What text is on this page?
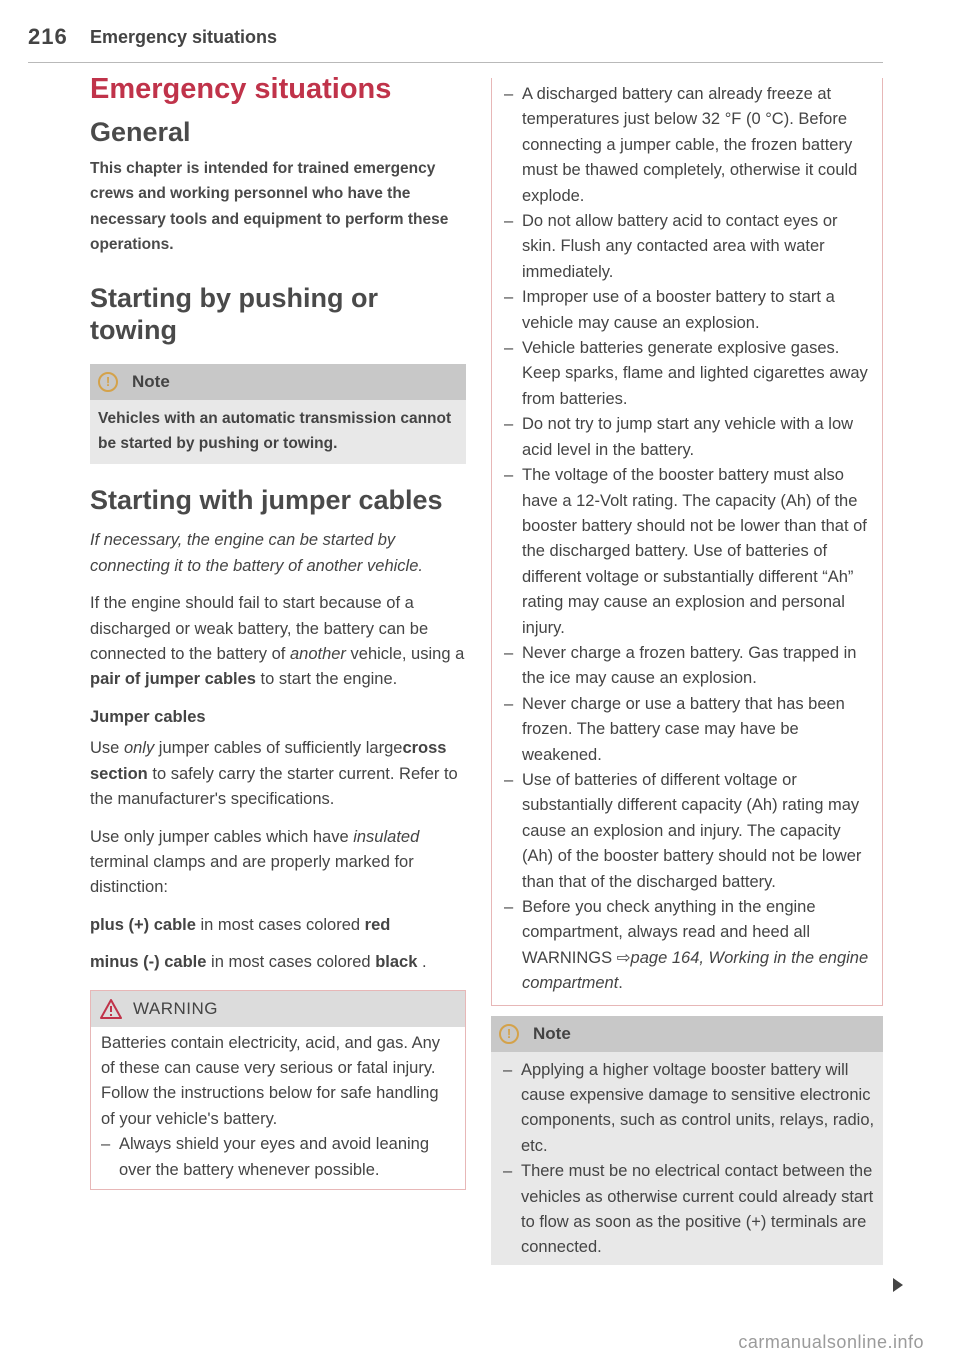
216 Emergency situations
Emergency situations
General

This chapter is intended for trained emergency crews and working personnel who have the necessary tools and equipment to perform these operations.

Starting by pushing or towing
!	Note
Vehicles with an automatic transmission cannot be started by pushing or towing.
Starting with jumper cables

If necessary, the engine can be started by connecting it to the battery of another vehicle.

If the engine should fail to start because of a discharged or weak battery, the battery can be connected to the battery of another vehicle, using a pair of jumper cables to start the engine.

Jumper cables

Use only jumper cables of sufficiently largecross section to safely carry the starter current. Refer to the manufacturer's specifications.

Use only jumper cables which have insulated terminal clamps and are properly marked for distinction:

plus (+) cable in most cases colored red

minus (-) cable in most cases colored black .

WARNING

Batteries contain electricity, acid, and gas. Any of these can cause very serious or fatal injury. Follow the instructions below for safe handling of your vehicle's battery.

– Always shield your eyes and avoid leaning over the battery whenever possible.
– A discharged battery can already freeze at temperatures just below 32 °F (0 °C). Before connecting a jumper cable, the frozen battery must be thawed completely, otherwise it could explode.
– Do not allow battery acid to contact eyes or skin. Flush any contacted area with water immediately.
– Improper use of a booster battery to start a vehicle may cause an explosion.
– Vehicle batteries generate explosive gases. Keep sparks, flame and lighted cigarettes away from batteries.
– Do not try to jump start any vehicle with a low acid level in the battery.
– The voltage of the booster battery must also have a 12-Volt rating. The capacity (Ah) of the booster battery should not be lower than that of the discharged battery. Use of batteries of different voltage or substantially different “Ah” rating may cause an explosion and personal injury.
– Never charge a frozen battery. Gas trapped in the ice may cause an explosion.
– Never charge or use a battery that has been frozen. The battery case may have be weakened.
– Use of batteries of different voltage or substantially different capacity (Ah) rating may cause an explosion and injury. The capacity (Ah) of the booster battery should not be lower than that of the discharged battery.
– Before you check anything in the engine compartment, always read and heed all WARNINGS ⇨page 164, Working in the engine compartment.
!	Note
– Applying a higher voltage booster battery will cause expensive damage to sensitive electronic components, such as control units, relays, radio, etc.
– There must be no electrical contact between the vehicles as otherwise current could already start to flow as soon as the positive (+) terminals are connected.
carmanualsonline.info
